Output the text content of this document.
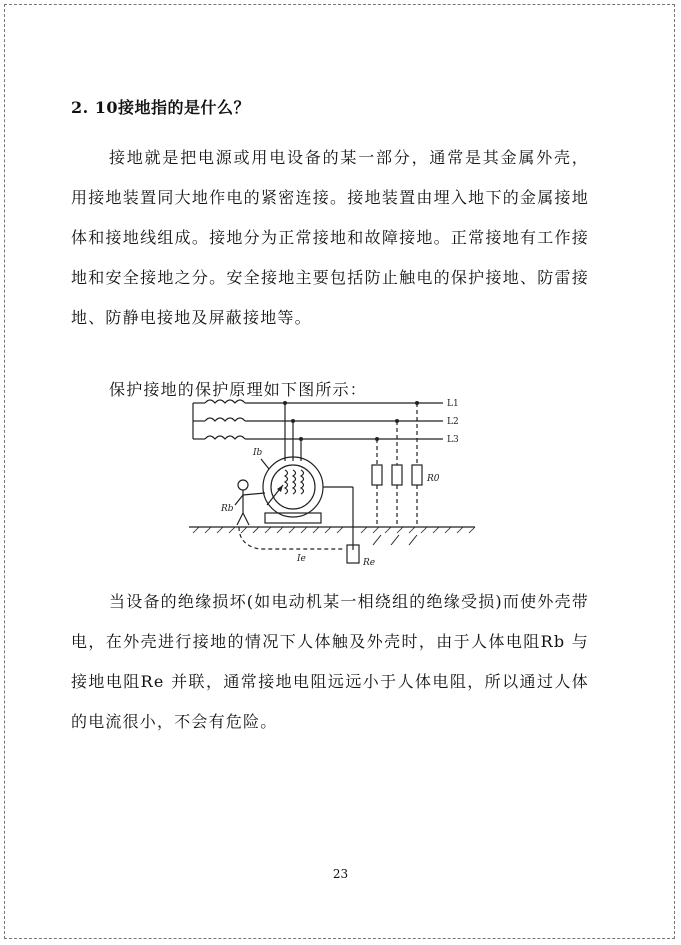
2. 10接地指的是什么？

接地就是把电源或用电设备的某一部分，通常是其金属外壳，用接地装置同大地作电的紧密连接。接地装置由埋入地下的金属接地体和接地线组成。接地分为正常接地和故障接地。正常接地有工作接地和安全接地之分。安全接地主要包括防止触电的保护接地、防雷接地、防静电接地及屏蔽接地等。

保护接地的保护原理如下图所示：

L1
L2
L3
Ib
Rb
Re
Ie
R0

当设备的绝缘损坏(如电动机某一相绕组的绝缘受损)而使外壳带电，在外壳进行接地的情况下人体触及外壳时，由于人体电阻Rb 与接地电阻Re 并联，通常接地电阻远远小于人体电阻，所以通过人体的电流很小，不会有危险。

23
